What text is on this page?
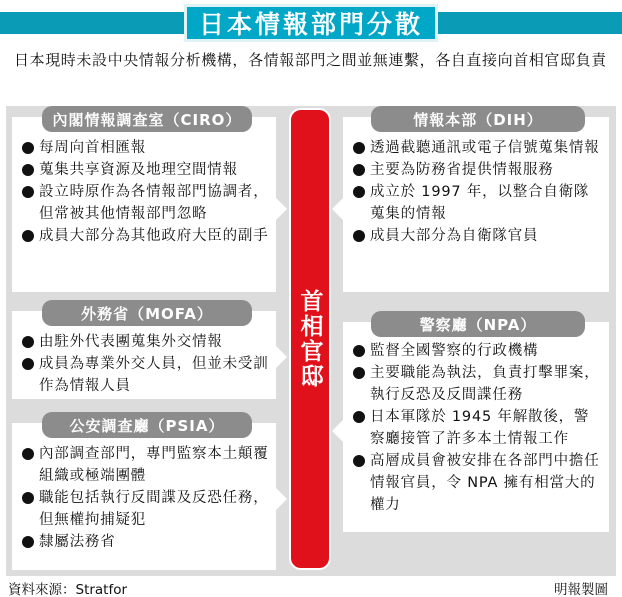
日本情報部門分散
日本現時未設中央情報分析機構，各情報部門之間並無連繫，各自直接向首相官邸負責
內閣情報調查室（CIRO）
每周向首相匯報
蒐集共享資源及地理空間情報
設立時原作為各情報部門協調者，但常被其他情報部門忽略
成員大部分為其他政府大臣的副手
外務省（MOFA）
由駐外代表團蒐集外交情報
成員為專業外交人員，但並未受訓作為情報人員
公安調查廳（PSIA）
內部調查部門，專門監察本土顛覆組織或極端團體
職能包括執行反間諜及反恐任務，但無權拘捕疑犯
隸屬法務省
情報本部（DIH）
透過截聽通訊或電子信號蒐集情報
主要為防務省提供情報服務
成立於 1997 年，以整合自衛隊蒐集的情報
成員大部分為自衛隊官員
警察廳（NPA）
監督全國警察的行政機構
主要職能為執法，負責打擊罪案，執行反恐及反間諜任務
日本軍隊於 1945 年解散後，警察廳接管了許多本土情報工作
高層成員會被安排在各部門中擔任情報官員，令 NPA 擁有相當大的權力
首相官邸
資料來源：Stratfor	明報製圖
